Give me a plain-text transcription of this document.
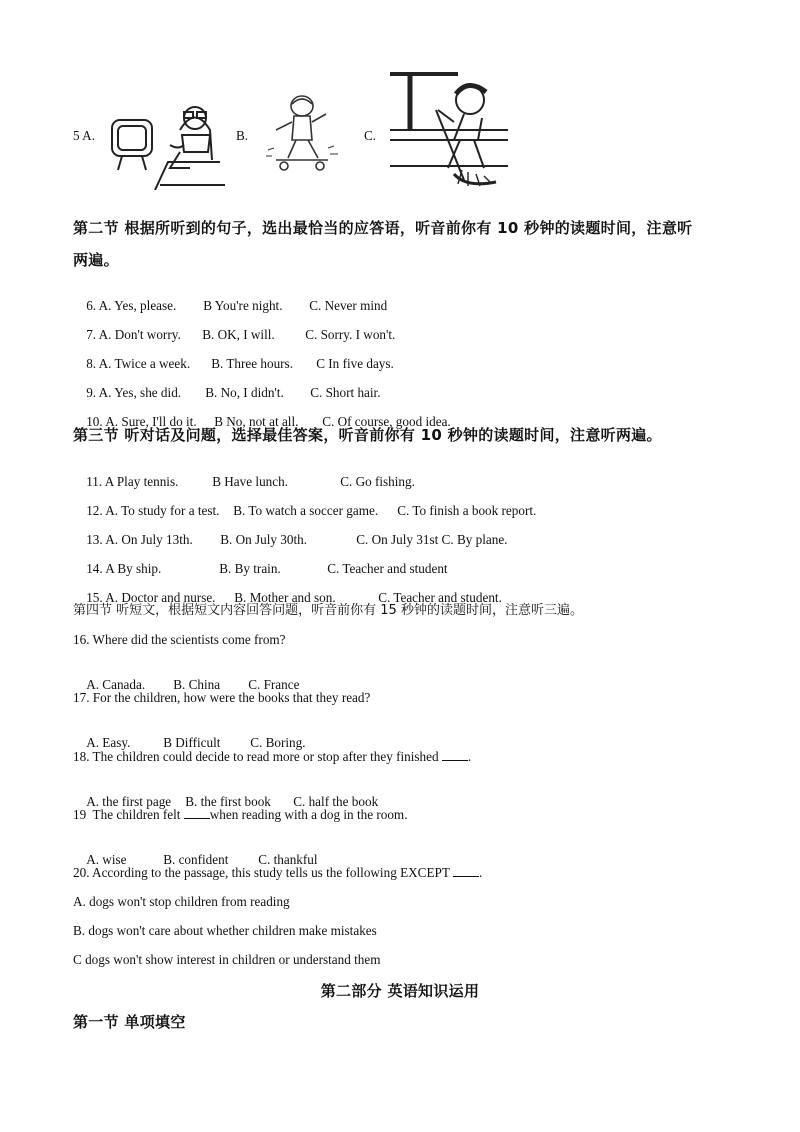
5 A.	B.	C.
第二节 根据所听到的句子，选出最恰当的应答语，听音前你有 10 秒钟的读题时间，注意听
两遍。

6. A. Yes, please. B You're night. C. Never mind

7. A. Don't worry. B. OK, I will. C. Sorry. I won't.

8. A. Twice a week. B. Three hours. C In five days.

9. A. Yes, she did. B. No, I didn't. C. Short hair.

10. A. Sure, I'll do it. B No, not at all. C. Of course, good idea.

第三节 听对话及问题，选择最佳答案，听音前你有 10 秒钟的读题时间，注意听两遍。

11. A Play tennis.	B Have lunch.	C. Go fishing.

12. A. To study for a test. B. To watch a soccer game. C. To finish a book report.

13. A. On July 13th. B. On July 30th.	C. On July 31st C. By plane.

14. A By ship.	B. By train.	C. Teacher and student

15. A. Doctor and nurse. B. Mother and son.	C. Teacher and student.

第四节 听短文，根据短文内容回答问题，听音前你有 15 秒钟的读题时间，注意听三遍。
16. Where did the scientists come from?

A. Canada. B. China C. France

17. For the children, how were the books that they read?

A. Easy. B Difficult C. Boring.

18. The children could decide to read more or stop after they finished .

A. the first page B. the first book C. half the book

19  The children felt when reading with a dog in the room.

A. wise	B. confident C. thankful

20. According to the passage, this study tells us the following EXCEPT .
A. dogs won't stop children from reading
B. dogs won't care about whether children make mistakes
C dogs won't show interest in children or understand them
第二部分 英语知识运用
第一节 单项填空
